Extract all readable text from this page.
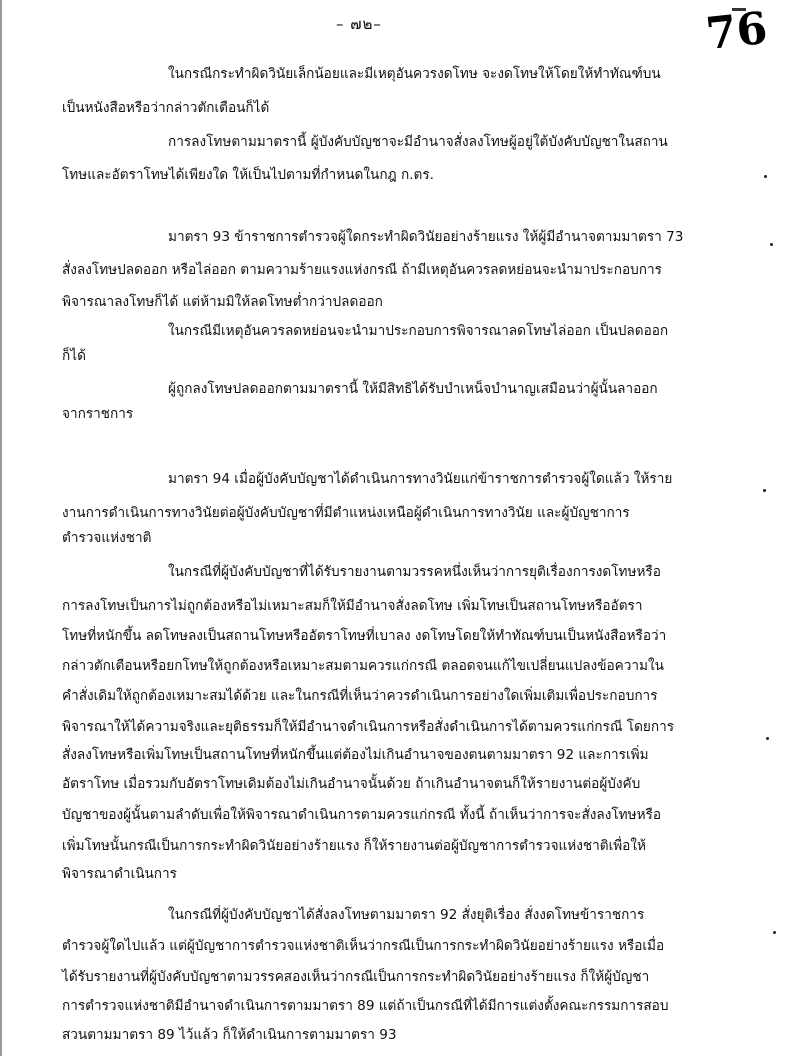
– ๗๒–	76
ในกรณีกระทำผิดวินัยเล็กน้อยและมีเหตุอันควรงดโทษ จะงดโทษให้โดยให้ทำทัณฑ์บน
เป็นหนังสือหรือว่ากล่าวตักเตือนก็ได้
การลงโทษตามมาตรานี้ ผู้บังคับบัญชาจะมีอำนาจสั่งลงโทษผู้อยู่ใต้บังคับบัญชาในสถาน
โทษและอัตราโทษได้เพียงใด ให้เป็นไปตามที่กำหนดในกฎ ก.ตร.
มาตรา 93 ข้าราชการตำรวจผู้ใดกระทำผิดวินัยอย่างร้ายแรง ให้ผู้มีอำนาจตามมาตรา 73
สั่งลงโทษปลดออก หรือไล่ออก ตามความร้ายแรงแห่งกรณี ถ้ามีเหตุอันควรลดหย่อนจะนำมาประกอบการ
พิจารณาลงโทษก็ได้ แต่ห้ามมิให้ลดโทษต่ำกว่าปลดออก
ในกรณีมีเหตุอันควรลดหย่อนจะนำมาประกอบการพิจารณาลดโทษไล่ออก เป็นปลดออก
ก็ได้
ผู้ถูกลงโทษปลดออกตามมาตรานี้ ให้มีสิทธิได้รับบำเหน็จบำนาญเสมือนว่าผู้นั้นลาออก
จากราชการ
มาตรา 94 เมื่อผู้บังคับบัญชาได้ดำเนินการทางวินัยแก่ข้าราชการตำรวจผู้ใดแล้ว ให้ราย
งานการดำเนินการทางวินัยต่อผู้บังคับบัญชาที่มีตำแหน่งเหนือผู้ดำเนินการทางวินัย และผู้บัญชาการ
ตำรวจแห่งชาติ
ในกรณีที่ผู้บังคับบัญชาที่ได้รับรายงานตามวรรคหนึ่งเห็นว่าการยุติเรื่องการงดโทษหรือ
การลงโทษเป็นการไม่ถูกต้องหรือไม่เหมาะสมก็ให้มีอำนาจสั่งลดโทษ เพิ่มโทษเป็นสถานโทษหรืออัตรา
โทษที่หนักขึ้น ลดโทษลงเป็นสถานโทษหรืออัตราโทษที่เบาลง งดโทษโดยให้ทำทัณฑ์บนเป็นหนังสือหรือว่า
กล่าวตักเตือนหรือยกโทษให้ถูกต้องหรือเหมาะสมตามควรแก่กรณี ตลอดจนแก้ไขเปลี่ยนแปลงข้อความใน
คำสั่งเดิมให้ถูกต้องเหมาะสมได้ด้วย และในกรณีที่เห็นว่าควรดำเนินการอย่างใดเพิ่มเติมเพื่อประกอบการ
พิจารณาให้ได้ความจริงและยุติธรรมก็ให้มีอำนาจดำเนินการหรือสั่งดำเนินการได้ตามควรแก่กรณี โดยการ
สั่งลงโทษหรือเพิ่มโทษเป็นสถานโทษที่หนักขึ้นแต่ต้องไม่เกินอำนาจของตนตามมาตรา 92 และการเพิ่ม
อัตราโทษ เมื่อรวมกับอัตราโทษเดิมต้องไม่เกินอำนาจนั้นด้วย ถ้าเกินอำนาจตนก็ให้รายงานต่อผู้บังคับ
บัญชาของผู้นั้นตามลำดับเพื่อให้พิจารณาดำเนินการตามควรแก่กรณี ทั้งนี้ ถ้าเห็นว่าการจะสั่งลงโทษหรือ
เพิ่มโทษนั้นกรณีเป็นการกระทำผิดวินัยอย่างร้ายแรง ก็ให้รายงานต่อผู้บัญชาการตำรวจแห่งชาติเพื่อให้
พิจารณาดำเนินการ
ในกรณีที่ผู้บังคับบัญชาได้สั่งลงโทษตามมาตรา 92 สั่งยุติเรื่อง สั่งงดโทษข้าราชการ
ตำรวจผู้ใดไปแล้ว แต่ผู้บัญชาการตำรวจแห่งชาติเห็นว่ากรณีเป็นการกระทำผิดวินัยอย่างร้ายแรง หรือเมื่อ
ได้รับรายงานที่ผู้บังคับบัญชาตามวรรคสองเห็นว่ากรณีเป็นการกระทำผิดวินัยอย่างร้ายแรง ก็ให้ผู้บัญชา
การตำรวจแห่งชาติมีอำนาจดำเนินการตามมาตรา 89 แต่ถ้าเป็นกรณีที่ได้มีการแต่งตั้งคณะกรรมการสอบ
สวนตามมาตรา 89 ไว้แล้ว ก็ให้ดำเนินการตามมาตรา 93
